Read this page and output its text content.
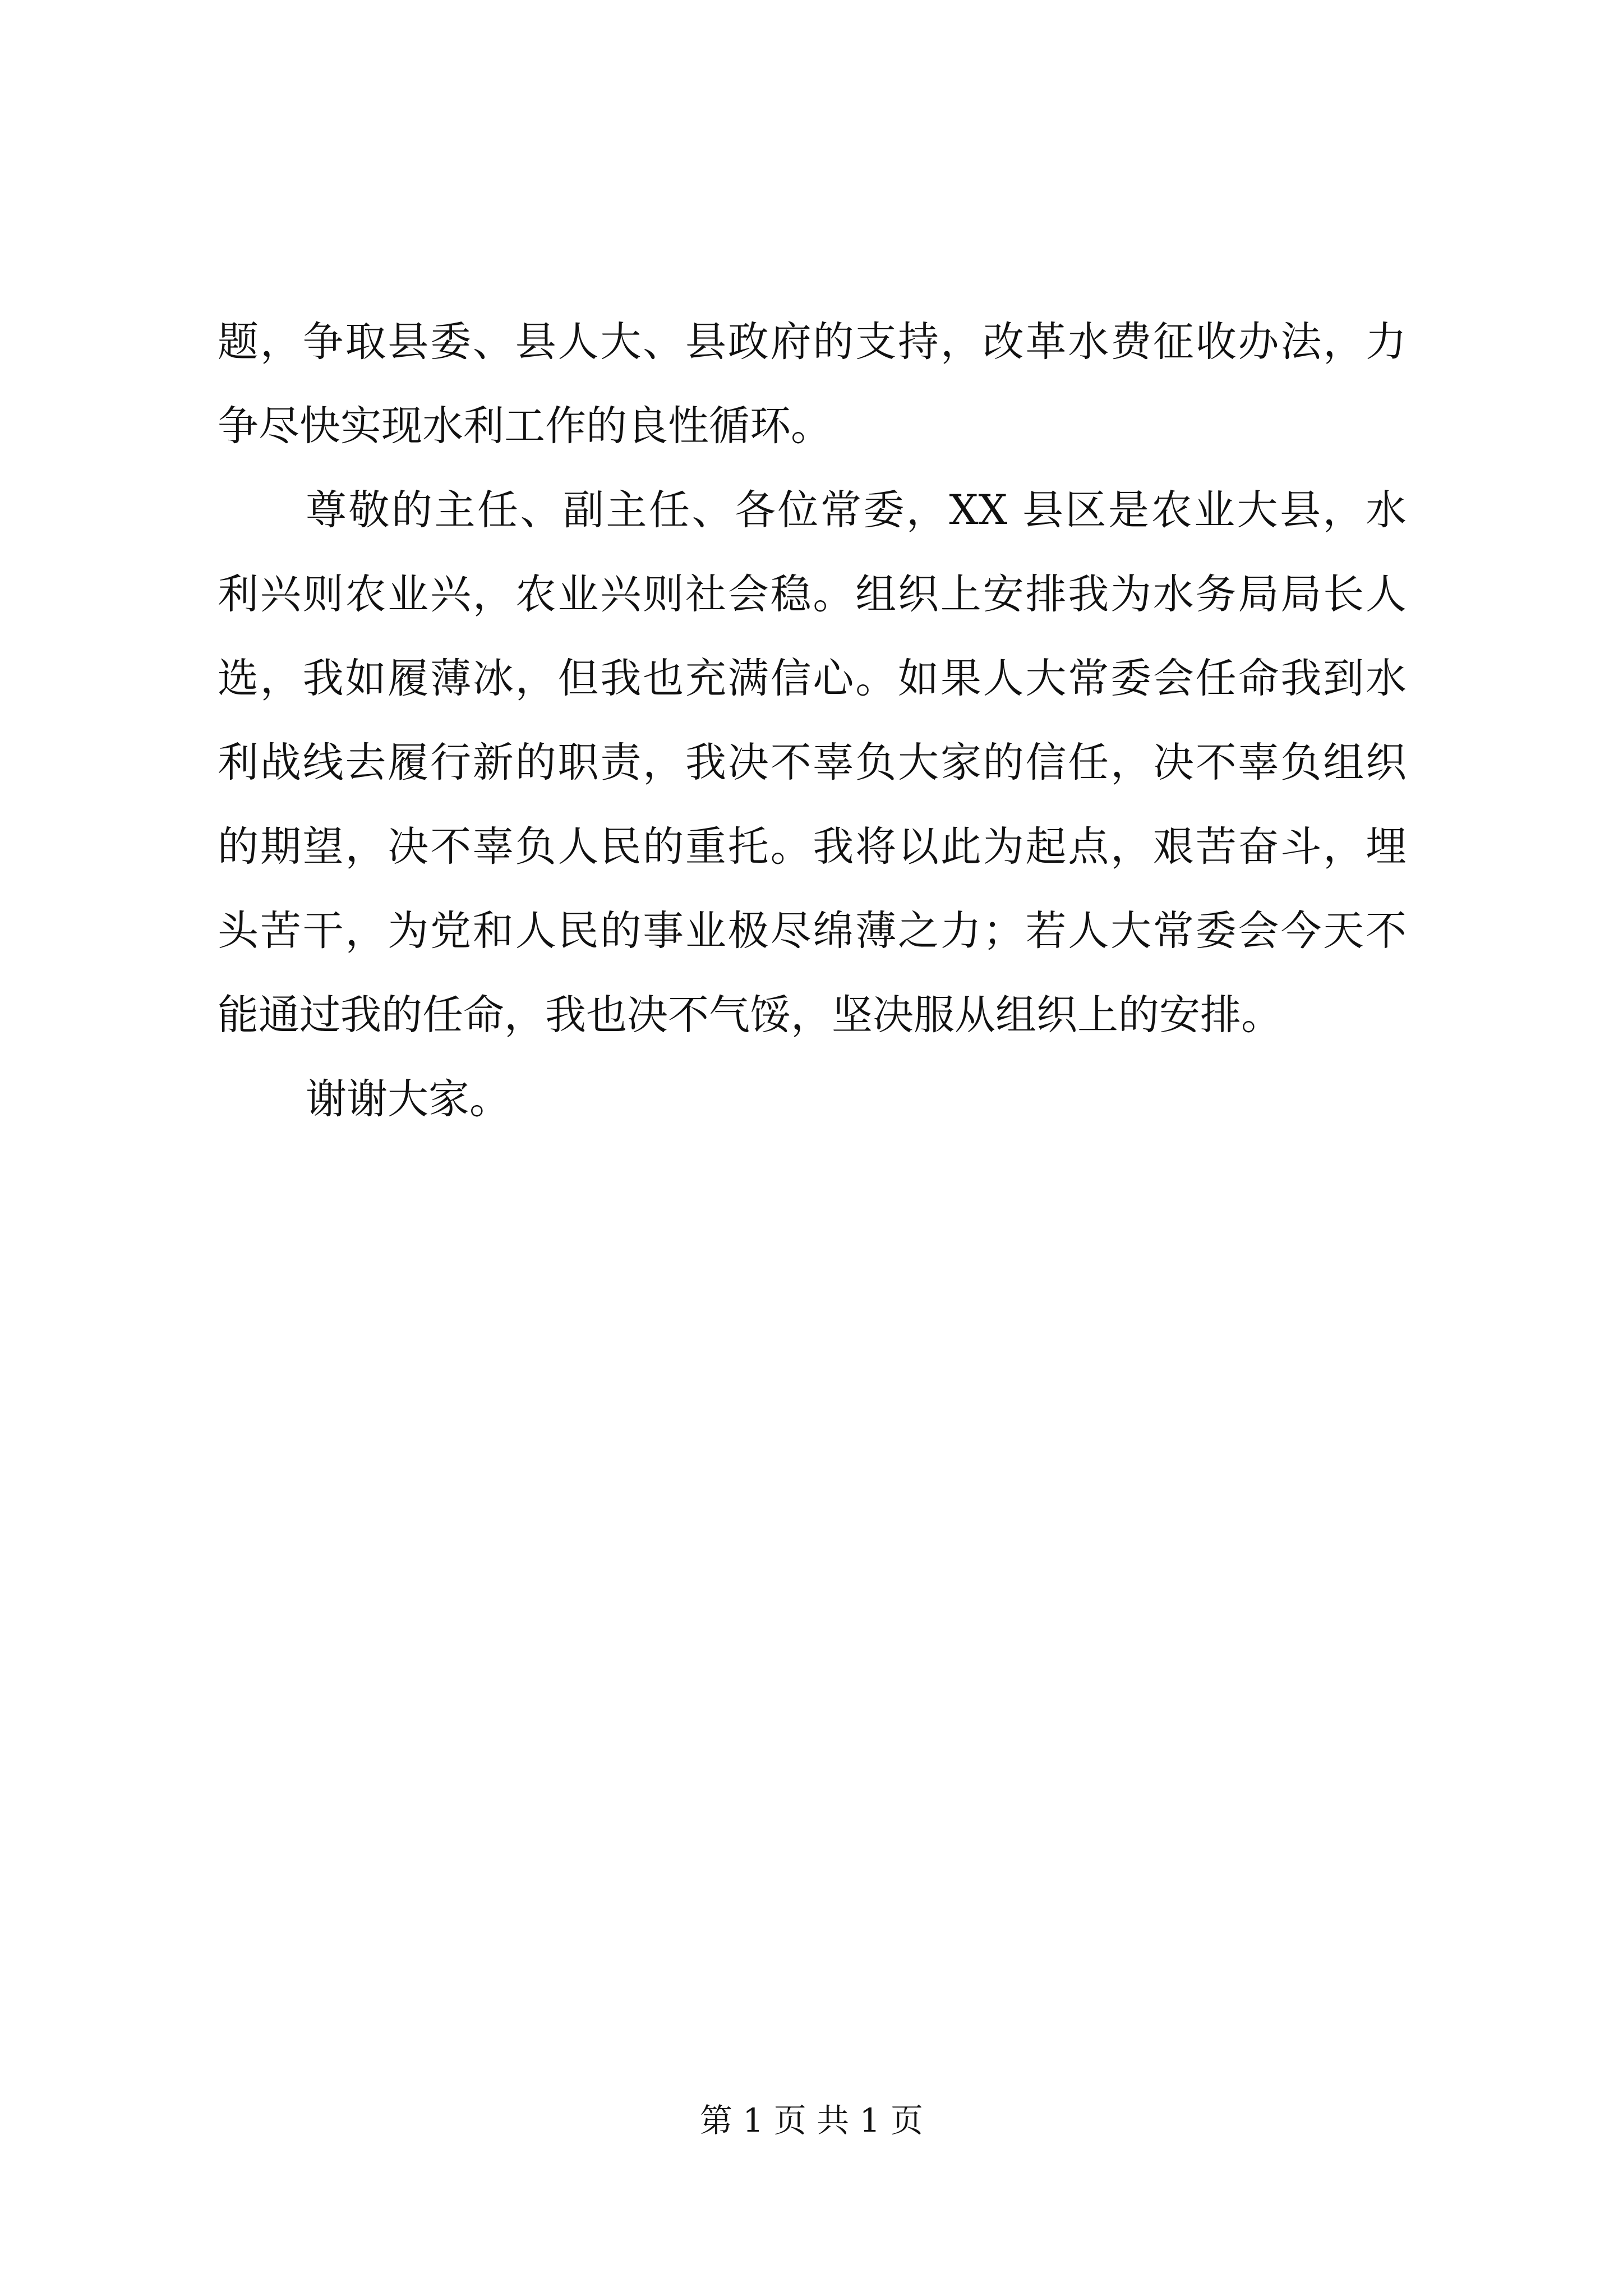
题，争取县委、县人大、县政府的支持，改革水费征收办法，力
争尽快实现水利工作的良性循环。
尊敬的主任、副主任、各位常委，XX 县区是农业大县，水
利兴则农业兴，农业兴则社会稳。组织上安排我为水务局局长人
选，我如履薄冰，但我也充满信心。如果人大常委会任命我到水
利战线去履行新的职责，我决不辜负大家的信任，决不辜负组织
的期望，决不辜负人民的重托。我将以此为起点，艰苦奋斗，埋
头苦干，为党和人民的事业极尽绵薄之力；若人大常委会今天不
能通过我的任命，我也决不气馁，坚决服从组织上的安排。
谢谢大家。
第 1 页 共 1 页
